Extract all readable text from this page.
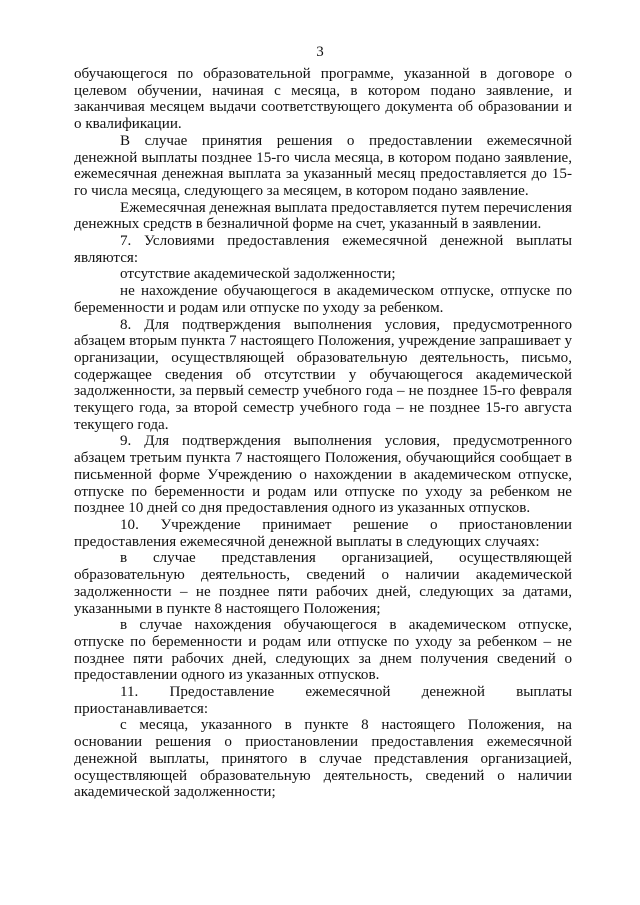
3

обучающегося по образовательной программе, указанной в договоре о целевом обучении, начиная с месяца, в котором подано заявление, и заканчивая месяцем выдачи соответствующего документа об образовании и о квалификации.

В случае принятия решения о предоставлении ежемесячной денежной выплаты позднее 15-го числа месяца, в котором подано заявление, ежемесячная денежная выплата за указанный месяц предоставляется до 15-го числа месяца, следующего за месяцем, в котором подано заявление.

Ежемесячная денежная выплата предоставляется путем перечисления денежных средств в безналичной форме на счет, указанный в заявлении.

7. Условиями предоставления ежемесячной денежной выплаты являются:

отсутствие академической задолженности;

не нахождение обучающегося в академическом отпуске, отпуске по беременности и родам или отпуске по уходу за ребенком.

8. Для подтверждения выполнения условия, предусмотренного абзацем вторым пункта 7 настоящего Положения, учреждение запрашивает у организации, осуществляющей образовательную деятельность, письмо, содержащее сведения об отсутствии у обучающегося академической задолженности, за первый семестр учебного года – не позднее 15-го февраля текущего года, за второй семестр учебного года – не позднее 15-го августа текущего года.

9. Для подтверждения выполнения условия, предусмотренного абзацем третьим пункта 7 настоящего Положения, обучающийся сообщает в письменной форме Учреждению о нахождении в академическом отпуске, отпуске по беременности и родам или отпуске по уходу за ребенком не позднее 10 дней со дня предоставления одного из указанных отпусков.

10. Учреждение принимает решение о приостановлении предоставления ежемесячной денежной выплаты в следующих случаях:

в случае представления организацией, осуществляющей образовательную деятельность, сведений о наличии академической задолженности – не позднее пяти рабочих дней, следующих за датами, указанными в пункте 8 настоящего Положения;

в случае нахождения обучающегося в академическом отпуске, отпуске по беременности и родам или отпуске по уходу за ребенком – не позднее пяти рабочих дней, следующих за днем получения сведений о предоставлении одного из указанных отпусков.

11. Предоставление ежемесячной денежной выплаты приостанавливается:

с месяца, указанного в пункте 8 настоящего Положения, на основании решения о приостановлении предоставления ежемесячной денежной выплаты, принятого в случае представления организацией, осуществляющей образовательную деятельность, сведений о наличии академической задолженности;
